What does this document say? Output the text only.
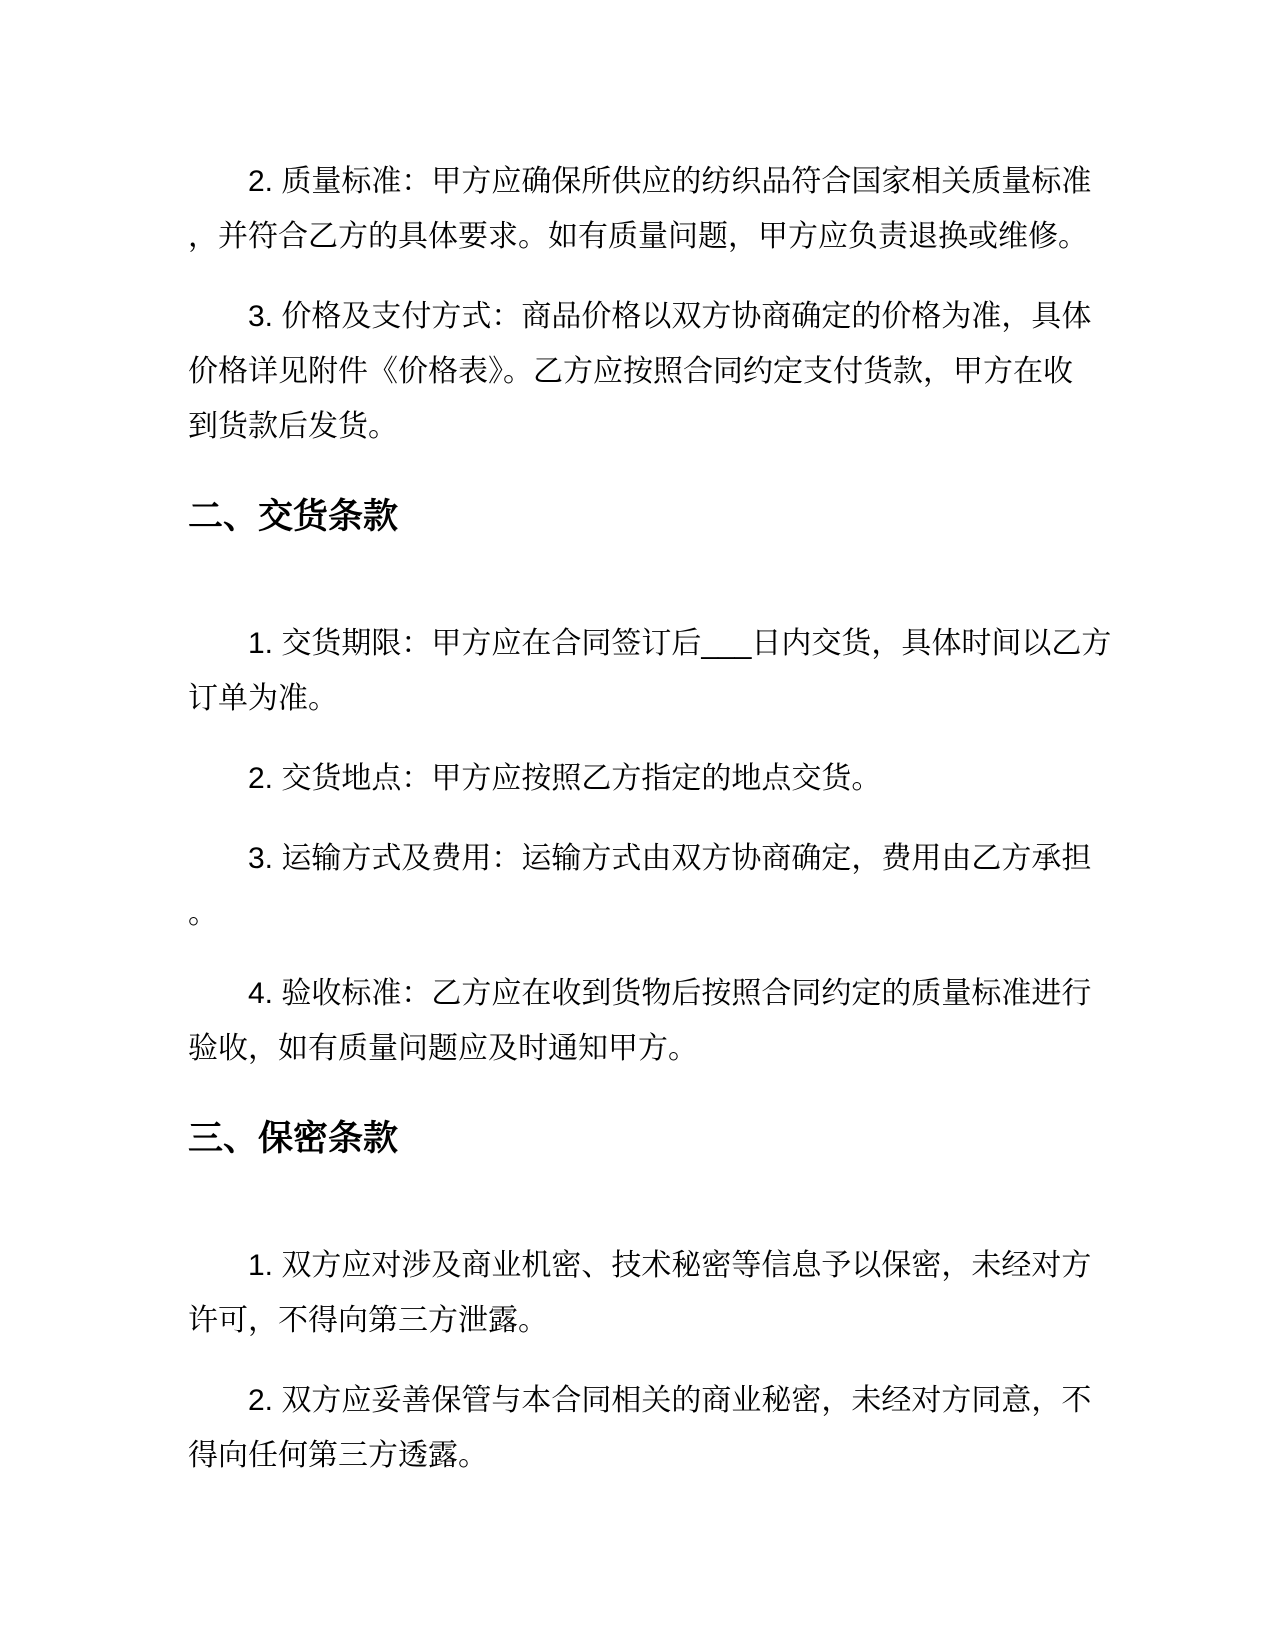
2. 质量标准：甲方应确保所供应的纺织品符合国家相关质量标准
，并符合乙方的具体要求。如有质量问题，甲方应负责退换或维修。
3. 价格及支付方式：商品价格以双方协商确定的价格为准，具体
价格详见附件《价格表》。乙方应按照合同约定支付货款，甲方在收
到货款后发货。
二、交货条款
1. 交货期限：甲方应在合同签订后___日内交货，具体时间以乙方
订单为准。
2. 交货地点：甲方应按照乙方指定的地点交货。
3. 运输方式及费用：运输方式由双方协商确定，费用由乙方承担
。
4. 验收标准：乙方应在收到货物后按照合同约定的质量标准进行
验收，如有质量问题应及时通知甲方。
三、保密条款
1. 双方应对涉及商业机密、技术秘密等信息予以保密，未经对方
许可，不得向第三方泄露。
2. 双方应妥善保管与本合同相关的商业秘密，未经对方同意，不
得向任何第三方透露。
